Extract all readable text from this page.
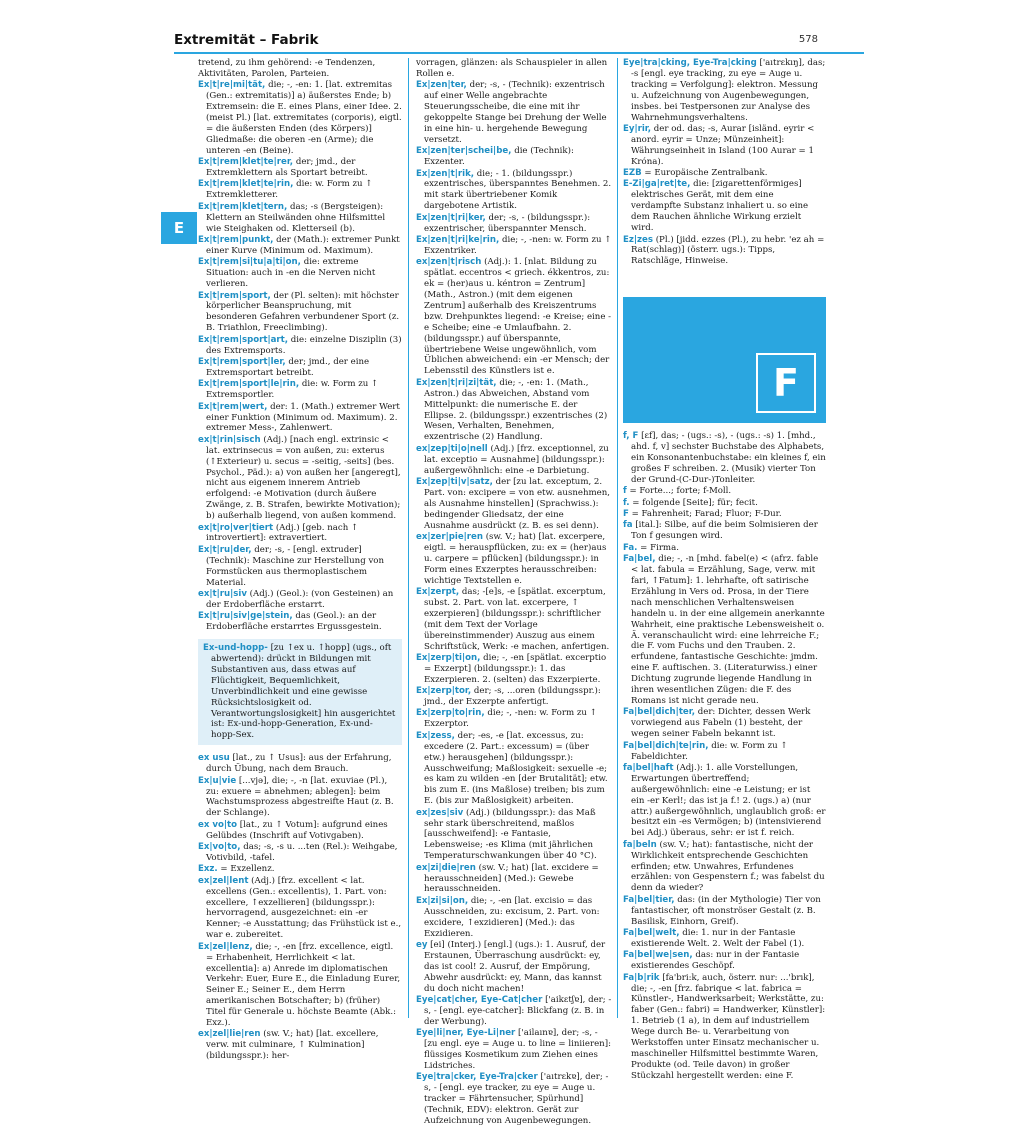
Extremität – Fabrik	578
E
tretend, zu ihm gehörend: -e Tendenzen, Aktivitäten, Parolen, Parteien.
Ex|t|re|mi|tät, die; -, -en: 1. [lat. extremitas (Gen.: extremitatis)] a) äußerstes Ende; b) Extremsein: die E. eines Plans, einer Idee. 2. (meist Pl.) [lat. extremitates (corporis), eigtl. = die äußersten Enden (des Körpers)] Gliedmaße: die oberen -en (Arme); die unteren -en (Beine).
Ex|t|rem|klet|te|rer, der; jmd., der Extremklettern als Sportart betreibt.
Ex|t|rem|klet|te|rin, die: w. Form zu ↑ Extremkletterer.
Ex|t|rem|klet|tern, das; -s (Bergsteigen): Klettern an Steilwänden ohne Hilfsmittel wie Steighaken od. Kletterseil (b).
Ex|t|rem|punkt, der (Math.): extremer Punkt einer Kurve (Minimum od. Maximum).
Ex|t|rem|si|tu|a|ti|on, die: extreme Situation: auch in -en die Nerven nicht verlieren.
Ex|t|rem|sport, der (Pl. selten): mit höchster körperlicher Beanspruchung, mit besonderen Gefahren verbundener Sport (z. B. Triathlon, Freeclimbing).
Ex|t|rem|sport|art, die: einzelne Disziplin (3) des Extremsports.
Ex|t|rem|sport|ler, der; jmd., der eine Extremsportart betreibt.
Ex|t|rem|sport|le|rin, die: w. Form zu ↑ Extremsportler.
Ex|t|rem|wert, der: 1. (Math.) extremer Wert einer Funktion (Minimum od. Maximum). 2. extremer Mess-, Zahlenwert.
ex|t|rin|sisch (Adj.) [nach engl. extrinsic < lat. extrinsecus = von außen, zu: exterus (↑Exterieur) u. secus = -seitig, -seits] (bes. Psychol., Päd.): a) von außen her [angeregt], nicht aus eigenem innerem Antrieb erfolgend: -e Motivation (durch äußere Zwänge, z. B. Strafen, bewirkte Motivation); b) außerhalb liegend, von außen kommend.
ex|t|ro|ver|tiert (Adj.) [geb. nach ↑ introvertiert]: extravertiert.
Ex|t|ru|der, der; -s, - [engl. extruder] (Technik): Maschine zur Herstellung von Formstücken aus thermoplastischem Material.
ex|t|ru|siv (Adj.) (Geol.): (von Gesteinen) an der Erdoberfläche erstarrt.
Ex|t|ru|siv|ge|stein, das (Geol.): an der Erdoberfläche erstarrtes Ergussgestein.
Ex-und-hopp- [zu ↑ex u. ↑hopp] (ugs., oft abwertend): drückt in Bildungen mit Substantiven aus, dass etwas auf Flüchtigkeit, Bequemlichkeit, Unverbindlichkeit und eine gewisse Rücksichtslosigkeit od. Verantwortungslosigkeit] hin ausgerichtet ist: Ex-und-hopp-Generation, Ex-und-hopp-Sex.
ex usu [lat., zu ↑ Usus]: aus der Erfahrung, durch Übung, nach dem Brauch.
Ex|u|vie [...vjə], die; -, -n [lat. exuviae (Pl.), zu: exuere = abnehmen; ablegen]: beim Wachstumsprozess abgestreifte Haut (z. B. der Schlange).
ex vo|to [lat., zu ↑ Votum]: aufgrund eines Gelübdes (Inschrift auf Votivgaben).
Ex|vo|to, das; -s, -s u. ...ten (Rel.): Weihgabe, Votivbild, -tafel.
Exz. = Exzellenz.
ex|zel|lent (Adj.) [frz. excellent < lat. excellens (Gen.: excellentis), 1. Part. von: excellere, ↑exzellieren] (bildungsspr.): hervorragend, ausgezeichnet: ein -er Kenner; -e Ausstattung; das Frühstück ist e., war e. zubereitet.
Ex|zel|lenz, die; -, -en [frz. excellence, eigtl. = Erhabenheit, Herrlichkeit < lat. excellentia]: a) Anrede im diplomatischen Verkehr: Euer, Eure E., die Einladung Eurer, Seiner E.; Seiner E., dem Herrn amerikanischen Botschafter; b) (früher) Titel für Generale u. höchste Beamte (Abk.: Exz.).
ex|zel|lie|ren (sw. V.; hat) [lat. excellere, verw. mit culminare, ↑ Kulmination] (bildungsspr.): her-
vorragen, glänzen: als Schauspieler in allen Rollen e.
Ex|zen|ter, der; -s, - (Technik): exzentrisch auf einer Welle angebrachte Steuerungsscheibe, die eine mit ihr gekoppelte Stange bei Drehung der Welle in eine hin- u. hergehende Bewegung versetzt.
Ex|zen|ter|schei|be, die (Technik): Exzenter.
Ex|zen|t|rik, die; - 1. (bildungsspr.) exzentrisches, überspanntes Benehmen. 2. mit stark übertriebener Komik dargebotene Artistik.
Ex|zen|t|ri|ker, der; -s, - (bildungsspr.): exzentrischer, überspannter Mensch.
Ex|zen|t|ri|ke|rin, die; -, -nen: w. Form zu ↑ Exzentriker.
ex|zen|t|risch (Adj.): 1. [nlat. Bildung zu spätlat. eccentros < griech. ékkentros, zu: ek = (her)aus u. kéntron = Zentrum] (Math., Astron.) (mit dem eigenen Zentrum] außerhalb des Kreiszentrums bzw. Drehpunktes liegend: -e Kreise; eine -e Scheibe; eine -e Umlaufbahn. 2. (bildungsspr.) auf überspannte, übertriebene Weise ungewöhnlich, vom Üblichen abweichend: ein -er Mensch; der Lebensstil des Künstlers ist e.
Ex|zen|t|ri|zi|tät, die; -, -en: 1. (Math., Astron.) das Abweichen, Abstand vom Mittelpunkt: die numerische E. der Ellipse. 2. (bildungsspr.) exzentrisches (2) Wesen, Verhalten, Benehmen, exzentrische (2) Handlung.
ex|zep|ti|o|nell (Adj.) [frz. exceptionnel, zu lat. exceptio = Ausnahme] (bildungsspr.): außergewöhnlich: eine -e Darbietung.
Ex|zep|ti|v|satz, der [zu lat. exceptum, 2. Part. von: excipere = von etw. ausnehmen, als Ausnahme hinstellen] (Sprachwiss.): bedingender Gliedsatz, der eine Ausnahme ausdrückt (z. B. es sei denn).
ex|zer|pie|ren (sw. V.; hat) [lat. excerpere, eigtl. = herauspflücken, zu: ex = (her)aus u. carpere = pflücken] (bildungsspr.): in Form eines Exzerptes herausschreiben: wichtige Textstellen e.
Ex|zerpt, das; -[e]s, -e [spätlat. excerptum, subst. 2. Part. von lat. excerpere, ↑ exzerpieren] (bildungsspr.): schriftlicher (mit dem Text der Vorlage übereinstimmender) Auszug aus einem Schriftstück, Werk: -e machen, anfertigen.
Ex|zerp|ti|on, die; -, -en [spätlat. excerptio = Exzerpt] (bildungsspr.): 1. das Exzerpieren. 2. (selten) das Exzerpierte.
Ex|zerp|tor, der; -s, ...oren (bildungsspr.): jmd., der Exzerpte anfertigt.
Ex|zerp|to|rin, die; -, -nen: w. Form zu ↑ Exzerptor.
Ex|zess, der; -es, -e [lat. excessus, zu: excedere (2. Part.: excessum) = (über etw.) herausgehen] (bildungsspr.): Ausschweifung; Maßlosigkeit: sexuelle -e; es kam zu wilden -en [der Brutalität]; etw. bis zum E. (ins Maßlose) treiben; bis zum E. (bis zur Maßlosigkeit) arbeiten.
ex|zes|siv (Adj.) (bildungsspr.): das Maß sehr stark überschreitend, maßlos [ausschweifend]: -e Fantasie, Lebensweise; -es Klima (mit jährlichen Temperaturschwankungen über 40 °C).
ex|zi|die|ren (sw. V.; hat) [lat. excidere = herausschneiden] (Med.): Gewebe herausschneiden.
Ex|zi|si|on, die; -, -en [lat. excisio = das Ausschneiden, zu: excisum, 2. Part. von: excidere, ↑exzidieren] (Med.): das Exzidieren.
ey [ei] (Interj.) [engl.] (ugs.): 1. Ausruf, der Erstaunen, Überraschung ausdrückt: ey, das ist cool! 2. Ausruf, der Empörung, Abwehr ausdrückt: ey, Mann, das kannst du doch nicht machen!
Eye|cat|cher, Eye-Cat|cher ['aikɛtʃɐ], der; -s, - [engl. eye-catcher]: Blickfang (z. B. in der Werbung).
Eye|li|ner, Eye-Li|ner ['ailaınɐ], der; -s, - [zu engl. eye = Auge u. to line = liniieren]: flüssiges Kosmetikum zum Ziehen eines Lidstriches.
Eye|tra|cker, Eye-Tra|cker ['aıtrɛkɐ], der; -s, - [engl. eye tracker, zu eye = Auge u. tracker = Fährtensucher, Spürhund] (Technik, EDV): elektron. Gerät zur Aufzeichnung von Augenbewegungen.
Eye|tra|cking, Eye-Tra|cking ['aıtrɛkıŋ], das; -s [engl. eye tracking, zu eye = Auge u. tracking = Verfolgung]: elektron. Messung u. Aufzeichnung von Augenbewegungen, insbes. bei Testpersonen zur Analyse des Wahrnehmungsverhaltens.
Ey|rir, der od. das; -s, Aurar [isländ. eyrir < anord. eyrir = Unze; Münzeinheit]: Währungseinheit in Island (100 Aurar = 1 Króna).
EZB = Europäische Zentralbank.
E-Zi|ga|ret|te, die: [zigarettenförmiges] elektrisches Gerät, mit dem eine verdampfte Substanz inhaliert u. so eine dem Rauchen ähnliche Wirkung erzielt wird.
Ez|zes (Pl.) [jidd. ezzes (Pl.), zu hebr. 'ez ah = Rat(schlag)] (österr. ugs.): Tipps, Ratschläge, Hinweise.
F
f, F [ɛf], das; - (ugs.: -s), - (ugs.: -s) 1. [mhd., ahd. f, v] sechster Buchstabe des Alphabets, ein Konsonantenbuchstabe: ein kleines f, ein großes F schreiben. 2. (Musik) vierter Ton der Grund-(C-Dur-)Tonleiter.
f = Forte...; forte; f-Moll.
f. = folgende [Seite]; für; fecit.
F = Fahrenheit; Farad; Fluor; F-Dur.
fa [ital.]: Silbe, auf die beim Solmisieren der Ton f gesungen wird.
Fa. = Firma.
Fa|bel, die; -, -n [mhd. fabel(e) < (afrz. fable < lat. fabula = Erzählung, Sage, verw. mit fari, ↑Fatum]: 1. lehrhafte, oft satirische Erzählung in Vers od. Prosa, in der Tiere nach menschlichen Verhaltensweisen handeln u. in der eine allgemein anerkannte Wahrheit, eine praktische Lebensweisheit o. Ä. veranschaulicht wird: eine lehrreiche F.; die F. vom Fuchs und den Trauben. 2. erfundene, fantastische Geschichte: jmdm. eine F. auftischen. 3. (Literaturwiss.) einer Dichtung zugrunde liegende Handlung in ihren wesentlichen Zügen: die F. des Romans ist nicht gerade neu.
Fa|bel|dich|ter, der: Dichter, dessen Werk vorwiegend aus Fabeln (1) besteht, der wegen seiner Fabeln bekannt ist.
Fa|bel|dich|te|rin, die: w. Form zu ↑ Fabeldichter.
fa|bel|haft (Adj.): 1. alle Vorstellungen, Erwartungen übertreffend; außergewöhnlich: eine -e Leistung; er ist ein -er Kerl!; das ist ja f.! 2. (ugs.) a) (nur attr.) außergewöhnlich, unglaublich groß: er besitzt ein -es Vermögen; b) (intensivierend bei Adj.) überaus, sehr: er ist f. reich.
fa|beln (sw. V.; hat): fantastische, nicht der Wirklichkeit entsprechende Geschichten erfinden; etw. Unwahres, Erfundenes erzählen: von Gespenstern f.; was fabelst du denn da wieder?
Fa|bel|tier, das: (in der Mythologie) Tier von fantastischer, oft monströser Gestalt (z. B. Basilisk, Einhorn, Greif).
Fa|bel|welt, die: 1. nur in der Fantasie existierende Welt. 2. Welt der Fabel (1).
Fa|bel|we|sen, das: nur in der Fantasie existierendes Geschöpf.
Fa|b|rik [fa'bri:k, auch, österr. nur: ...'brık], die; -, -en [frz. fabrique < lat. fabrica = Künstler-, Handwerksarbeit; Werkstätte, zu: faber (Gen.: fabri) = Handwerker, Künstler]: 1. Betrieb (1 a), in dem auf industriellem Wege durch Be- u. Verarbeitung von Werkstoffen unter Einsatz mechanischer u. maschineller Hilfsmittel bestimmte Waren, Produkte (od. Teile davon) in großer Stückzahl hergestellt werden: eine F.
